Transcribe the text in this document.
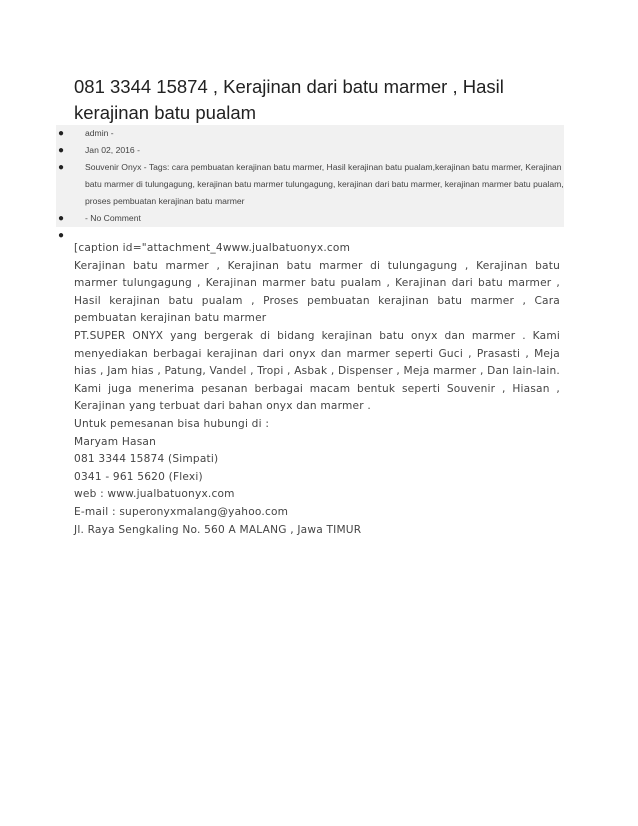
081 3344 15874 , Kerajinan dari batu marmer , Hasil kerajinan batu pualam
● admin -
● Jan 02, 2016 -
● Souvenir Onyx - Tags: cara pembuatan kerajinan batu marmer, Hasil kerajinan batu pualam,kerajinan batu marmer, Kerajinan batu marmer di tulungagung, kerajinan batu marmer tulungagung, kerajinan dari batu marmer, kerajinan marmer batu pualam, proses pembuatan kerajinan batu marmer
● - No Comment
●

[caption id="attachment_4www.jualbatuonyx.com

Kerajinan batu marmer , Kerajinan batu marmer di tulungagung , Kerajinan batu marmer tulungagung , Kerajinan marmer batu pualam , Kerajinan dari batu marmer , Hasil kerajinan batu pualam , Proses pembuatan kerajinan batu marmer , Cara pembuatan kerajinan batu marmer

PT.SUPER ONYX yang bergerak di bidang kerajinan batu onyx dan marmer . Kami menyediakan berbagai kerajinan dari onyx dan marmer seperti Guci , Prasasti , Meja hias , Jam hias , Patung, Vandel , Tropi , Asbak , Dispenser , Meja marmer , Dan lain-lain. Kami juga menerima pesanan berbagai macam bentuk seperti Souvenir , Hiasan , Kerajinan yang terbuat dari bahan onyx dan marmer .

Untuk pemesanan bisa hubungi di :

Maryam Hasan

081 3344 15874 (Simpati)

0341 - 961 5620 (Flexi)

web : www.jualbatuonyx.com

E-mail : superonyxmalang@yahoo.com

Jl. Raya Sengkaling No. 560 A MALANG , Jawa TIMUR
